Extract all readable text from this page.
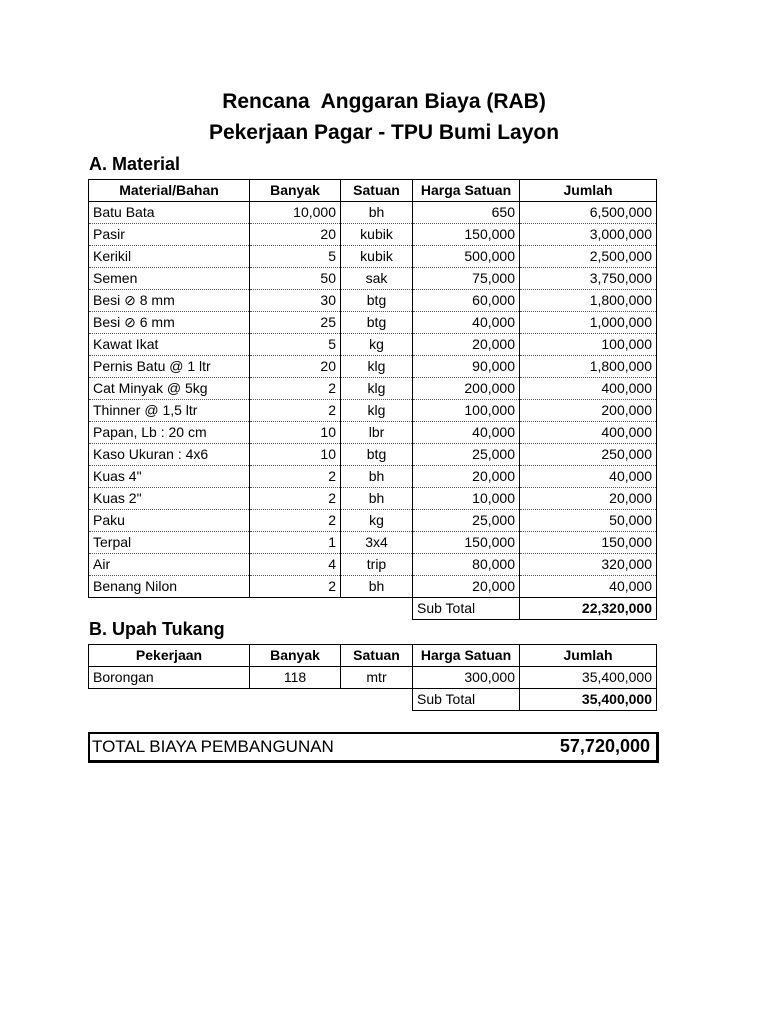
Rencana  Anggaran Biaya (RAB)
Pekerjaan Pagar - TPU Bumi Layon
A. Material
Material/Bahan	Banyak	Satuan	Harga Satuan	Jumlah
Batu Bata	10,000	bh	650	6,500,000
Pasir	20	kubik	150,000	3,000,000
Kerikil	5	kubik	500,000	2,500,000
Semen	50	sak	75,000	3,750,000
Besi ⊘ 8 mm	30	btg	60,000	1,800,000
Besi ⊘ 6 mm	25	btg	40,000	1,000,000
Kawat Ikat	5	kg	20,000	100,000
Pernis Batu @ 1 ltr	20	klg	90,000	1,800,000
Cat Minyak @ 5kg	2	klg	200,000	400,000
Thinner @ 1,5 ltr	2	klg	100,000	200,000
Papan, Lb : 20 cm	10	lbr	40,000	400,000
Kaso Ukuran : 4x6	10	btg	25,000	250,000
Kuas 4"	2	bh	20,000	40,000
Kuas 2"	2	bh	10,000	20,000
Paku	2	kg	25,000	50,000
Terpal	1	3x4	150,000	150,000
Air	4	trip	80,000	320,000
Benang Nilon	2	bh	20,000	40,000
			Sub Total	22,320,000
B. Upah Tukang
Pekerjaan	Banyak	Satuan	Harga Satuan	Jumlah
Borongan	118	mtr	300,000	35,400,000
			Sub Total	35,400,000
TOTAL BIAYA PEMBANGUNAN	57,720,000
